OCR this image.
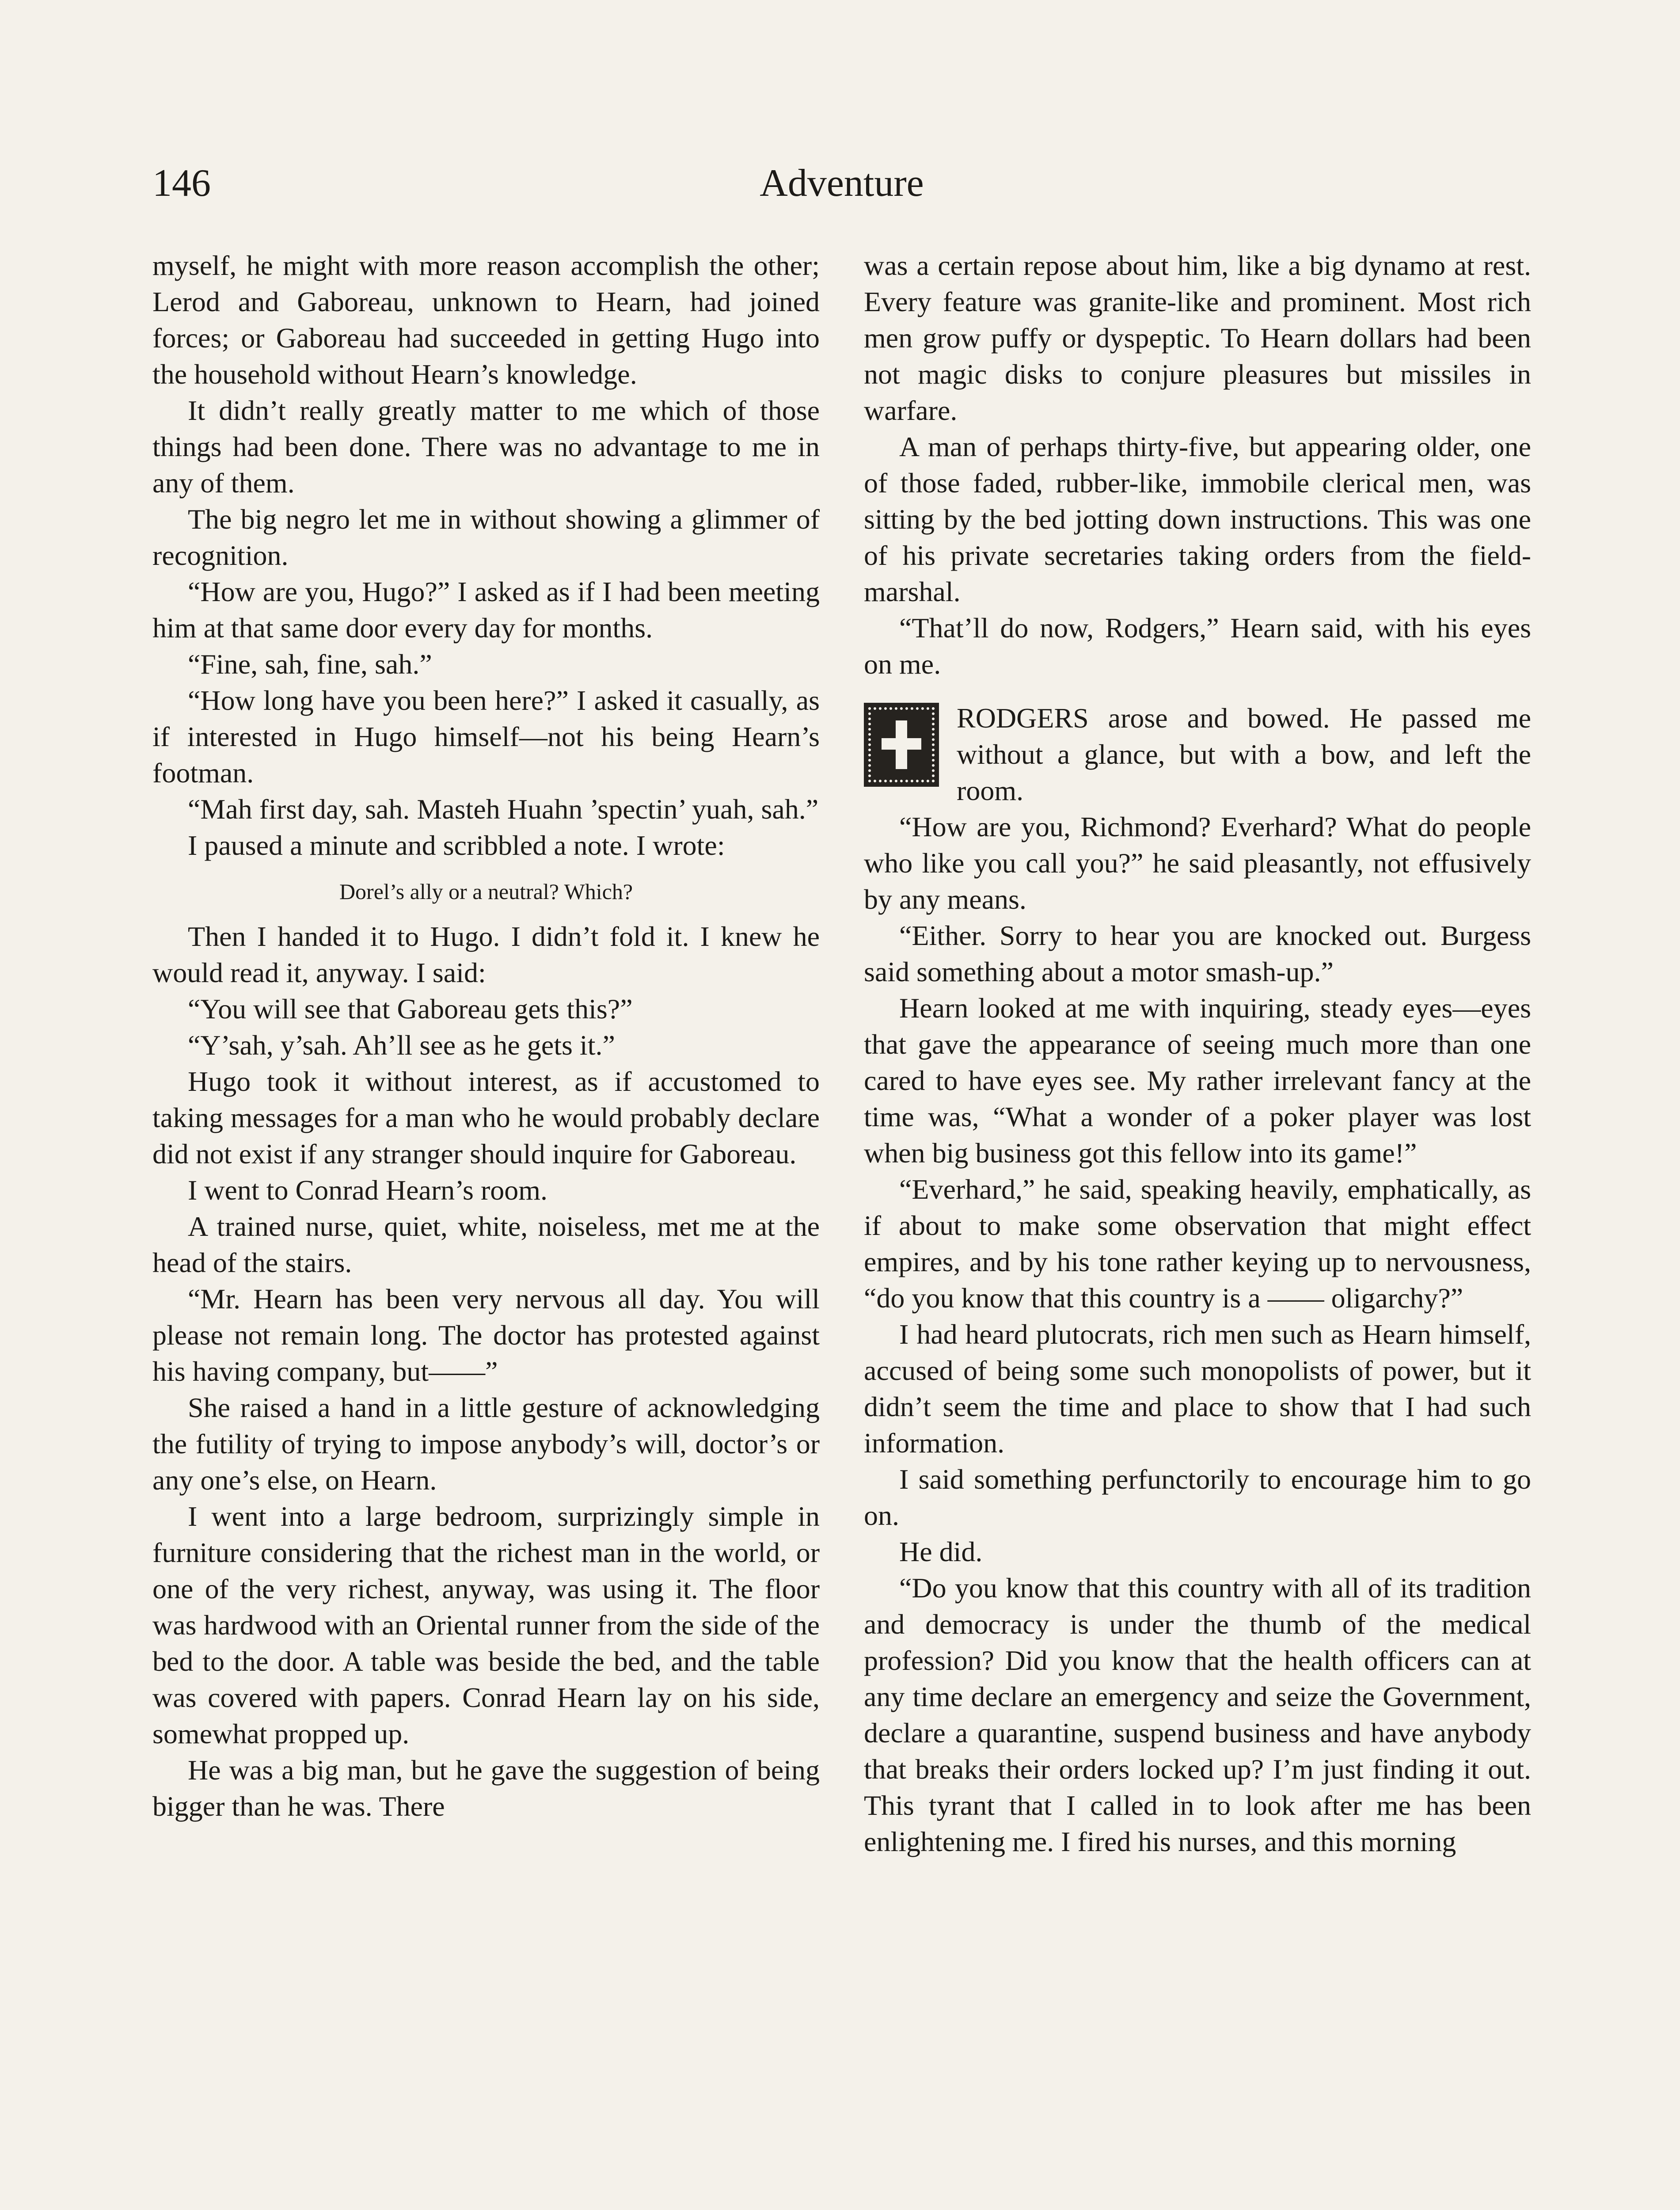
146	Adventure

myself, he might with more reason accomplish the other; Lerod and Gaboreau, unknown to Hearn, had joined forces; or Gaboreau had succeeded in getting Hugo into the household without Hearn’s knowledge.

It didn’t really greatly matter to me which of those things had been done. There was no advantage to me in any of them.

The big negro let me in without showing a glimmer of recognition.

“How are you, Hugo?” I asked as if I had been meeting him at that same door every day for months.

“Fine, sah, fine, sah.”

“How long have you been here?” I asked it casually, as if interested in Hugo himself—not his being Hearn’s footman.

“Mah first day, sah. Masteh Huahn ’spectin’ yuah, sah.”

I paused a minute and scribbled a note. I wrote:

Dorel’s ally or a neutral? Which?

Then I handed it to Hugo. I didn’t fold it. I knew he would read it, anyway. I said:

“You will see that Gaboreau gets this?”

“Y’sah, y’sah. Ah’ll see as he gets it.”

Hugo took it without interest, as if accustomed to taking messages for a man who he would probably declare did not exist if any stranger should inquire for Gaboreau.

I went to Conrad Hearn’s room.

A trained nurse, quiet, white, noiseless, met me at the head of the stairs.

“Mr. Hearn has been very nervous all day. You will please not remain long. The doctor has protested against his having company, but——”

She raised a hand in a little gesture of acknowledging the futility of trying to impose anybody’s will, doctor’s or any one’s else, on Hearn.

I went into a large bedroom, surprizingly simple in furniture considering that the richest man in the world, or one of the very richest, anyway, was using it. The floor was hardwood with an Oriental runner from the side of the bed to the door. A table was beside the bed, and the table was covered with papers. Conrad Hearn lay on his side, somewhat propped up.

He was a big man, but he gave the suggestion of being bigger than he was. There

was a certain repose about him, like a big dynamo at rest. Every feature was granite-like and prominent. Most rich men grow puffy or dyspeptic. To Hearn dollars had been not magic disks to conjure pleasures but missiles in warfare.

A man of perhaps thirty-five, but appearing older, one of those faded, rubber-like, immobile clerical men, was sitting by the bed jotting down instructions. This was one of his private secretaries taking orders from the field-marshal.

“That’ll do now, Rodgers,” Hearn said, with his eyes on me.

RODGERS arose and bowed. He passed me without a glance, but with a bow, and left the room.

“How are you, Richmond? Everhard? What do people who like you call you?” he said pleasantly, not effusively by any means.

“Either. Sorry to hear you are knocked out. Burgess said something about a motor smash-up.”

Hearn looked at me with inquiring, steady eyes—eyes that gave the appearance of seeing much more than one cared to have eyes see. My rather irrelevant fancy at the time was, “What a wonder of a poker player was lost when big business got this fellow into its game!”

“Everhard,” he said, speaking heavily, emphatically, as if about to make some observation that might effect empires, and by his tone rather keying up to nervousness, “do you know that this country is a —— oligarchy?”

I had heard plutocrats, rich men such as Hearn himself, accused of being some such monopolists of power, but it didn’t seem the time and place to show that I had such information.

I said something perfunctorily to encourage him to go on.

He did.

“Do you know that this country with all of its tradition and democracy is under the thumb of the medical profession? Did you know that the health officers can at any time declare an emergency and seize the Government, declare a quarantine, suspend business and have anybody that breaks their orders locked up? I’m just finding it out. This tyrant that I called in to look after me has been enlightening me. I fired his nurses, and this morning
